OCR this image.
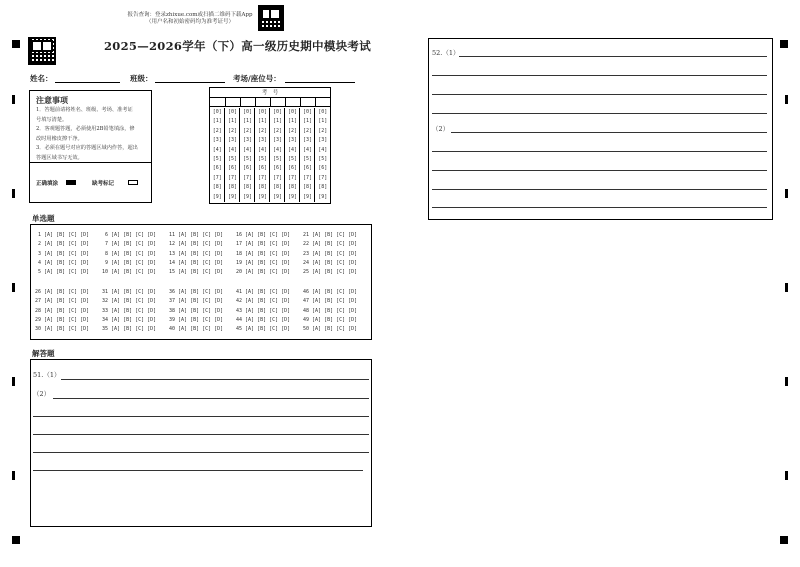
报告查询：登录zhixue.com或扫描二维码下载App
（用户名和初始密码均为准考证号）
2025—2026学年（下）高一级历史期中模块考试
姓名：	班级：	考场/座位号：
注意事项
1．答题前请将姓名、班级、考场、准考证
号填写清楚。
2．客观题答题，必须使用2B铅笔填涂，修
改时用橡皮擦干净。
3．必须在题号对应的答题区域内作答，超出
答题区域书写无效。
正确填涂	缺考标记
考　号
[0]	[0]	[0]	[0]	[0]	[0]	[0]	[0]
[1]	[1]	[1]	[1]	[1]	[1]	[1]	[1]
[2]	[2]	[2]	[2]	[2]	[2]	[2]	[2]
[3]	[3]	[3]	[3]	[3]	[3]	[3]	[3]
[4]	[4]	[4]	[4]	[4]	[4]	[4]	[4]
[5]	[5]	[5]	[5]	[5]	[5]	[5]	[5]
[6]	[6]	[6]	[6]	[6]	[6]	[6]	[6]
[7]	[7]	[7]	[7]	[7]	[7]	[7]	[7]
[8]	[8]	[8]	[8]	[8]	[8]	[8]	[8]
[9]	[9]	[9]	[9]	[9]	[9]	[9]	[9]
单选题
1 [A] [B] [C] [D]
2 [A] [B] [C] [D]
3 [A] [B] [C] [D]
4 [A] [B] [C] [D]
5 [A] [B] [C] [D]
6 [A] [B] [C] [D]
7 [A] [B] [C] [D]
8 [A] [B] [C] [D]
9 [A] [B] [C] [D]
10 [A] [B] [C] [D]
11 [A] [B] [C] [D]
12 [A] [B] [C] [D]
13 [A] [B] [C] [D]
14 [A] [B] [C] [D]
15 [A] [B] [C] [D]
16 [A] [B] [C] [D]
17 [A] [B] [C] [D]
18 [A] [B] [C] [D]
19 [A] [B] [C] [D]
20 [A] [B] [C] [D]
21 [A] [B] [C] [D]
22 [A] [B] [C] [D]
23 [A] [B] [C] [D]
24 [A] [B] [C] [D]
25 [A] [B] [C] [D]
26 [A] [B] [C] [D]
27 [A] [B] [C] [D]
28 [A] [B] [C] [D]
29 [A] [B] [C] [D]
30 [A] [B] [C] [D]
31 [A] [B] [C] [D]
32 [A] [B] [C] [D]
33 [A] [B] [C] [D]
34 [A] [B] [C] [D]
35 [A] [B] [C] [D]
36 [A] [B] [C] [D]
37 [A] [B] [C] [D]
38 [A] [B] [C] [D]
39 [A] [B] [C] [D]
40 [A] [B] [C] [D]
41 [A] [B] [C] [D]
42 [A] [B] [C] [D]
43 [A] [B] [C] [D]
44 [A] [B] [C] [D]
45 [A] [B] [C] [D]
46 [A] [B] [C] [D]
47 [A] [B] [C] [D]
48 [A] [B] [C] [D]
49 [A] [B] [C] [D]
50 [A] [B] [C] [D]
解答题
51.（1）
（2）
52.（1）
（2）
